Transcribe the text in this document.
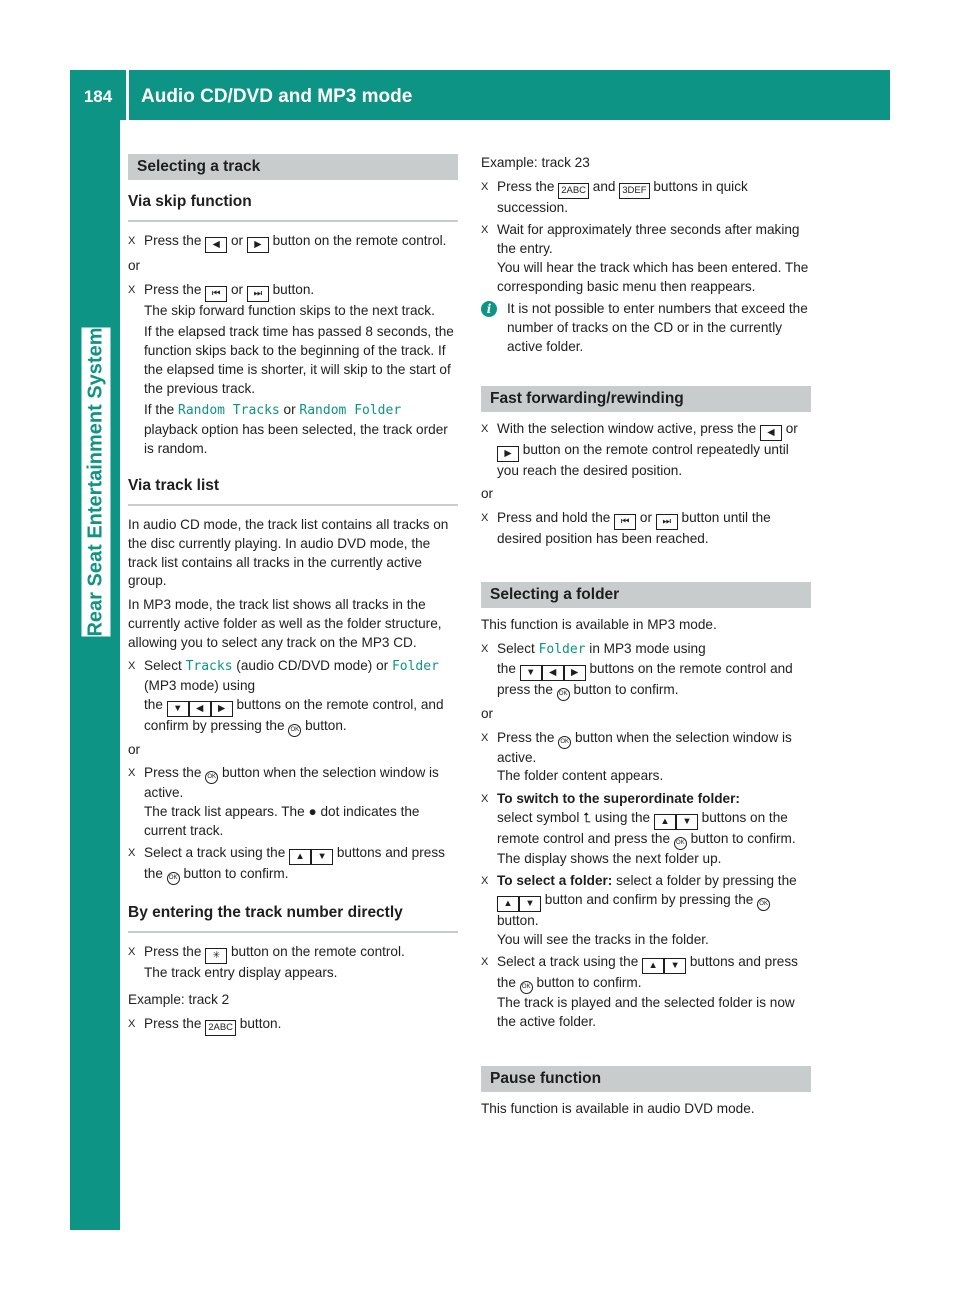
184	Audio CD/DVD and MP3 mode
Rear Seat Entertainment System
Selecting a track
Via skip function
X Press the ◀ or ▶ button on the remote control.

or

X Press the ⏮ or ⏭ button.
The skip forward function skips to the next track.
If the elapsed track time has passed 8 seconds, the function skips back to the beginning of the track. If the elapsed time is shorter, it will skip to the start of the previous track.
If the Random Tracks or Random Folder playback option has been selected, the track order is random.
Via track list

In audio CD mode, the track list contains all tracks on the disc currently playing. In audio DVD mode, the track list contains all tracks in the currently active group.

In MP3 mode, the track list shows all tracks in the currently active folder as well as the folder structure, allowing you to select any track on the MP3 CD.

X Select Tracks (audio CD/DVD mode) or Folder (MP3 mode) using
the ▼ ◀ ▶ buttons on the remote control, and confirm by pressing the OK button.

or

X Press the OK button when the selection window is active.
The track list appears. The ● dot indicates the current track.
X Select a track using the ▲ ▼ buttons and press the OK button to confirm.
By entering the track number directly
X Press the ✳ button on the remote control.
The track entry display appears.

Example: track 2

X Press the 2ABC button.

Example: track 23

X Press the 2ABC and 3DEF buttons in quick succession.
X Wait for approximately three seconds after making the entry.
You will hear the track which has been entered. The corresponding basic menu then reappears.
i	It is not possible to enter numbers that exceed the number of tracks on the CD or in the currently active folder.
Fast forwarding/rewinding
X With the selection window active, press the ◀ or ▶ button on the remote control repeatedly until you reach the desired position.

or

X Press and hold the ⏮ or ⏭ button until the desired position has been reached.
Selecting a folder

This function is available in MP3 mode.

X Select Folder in MP3 mode using
the ▼ ◀ ▶ buttons on the remote control and press the OK button to confirm.

or

X Press the OK button when the selection window is active.
The folder content appears.
X To switch to the superordinate folder:
select symbol ⮤ using the ▲ ▼ buttons on the remote control and press the OK button to confirm.
The display shows the next folder up.
X To select a folder: select a folder by pressing the ▲ ▼ button and confirm by pressing the OK button.
You will see the tracks in the folder.
X Select a track using the ▲ ▼ buttons and press the OK button to confirm.
The track is played and the selected folder is now the active folder.
Pause function

This function is available in audio DVD mode.
